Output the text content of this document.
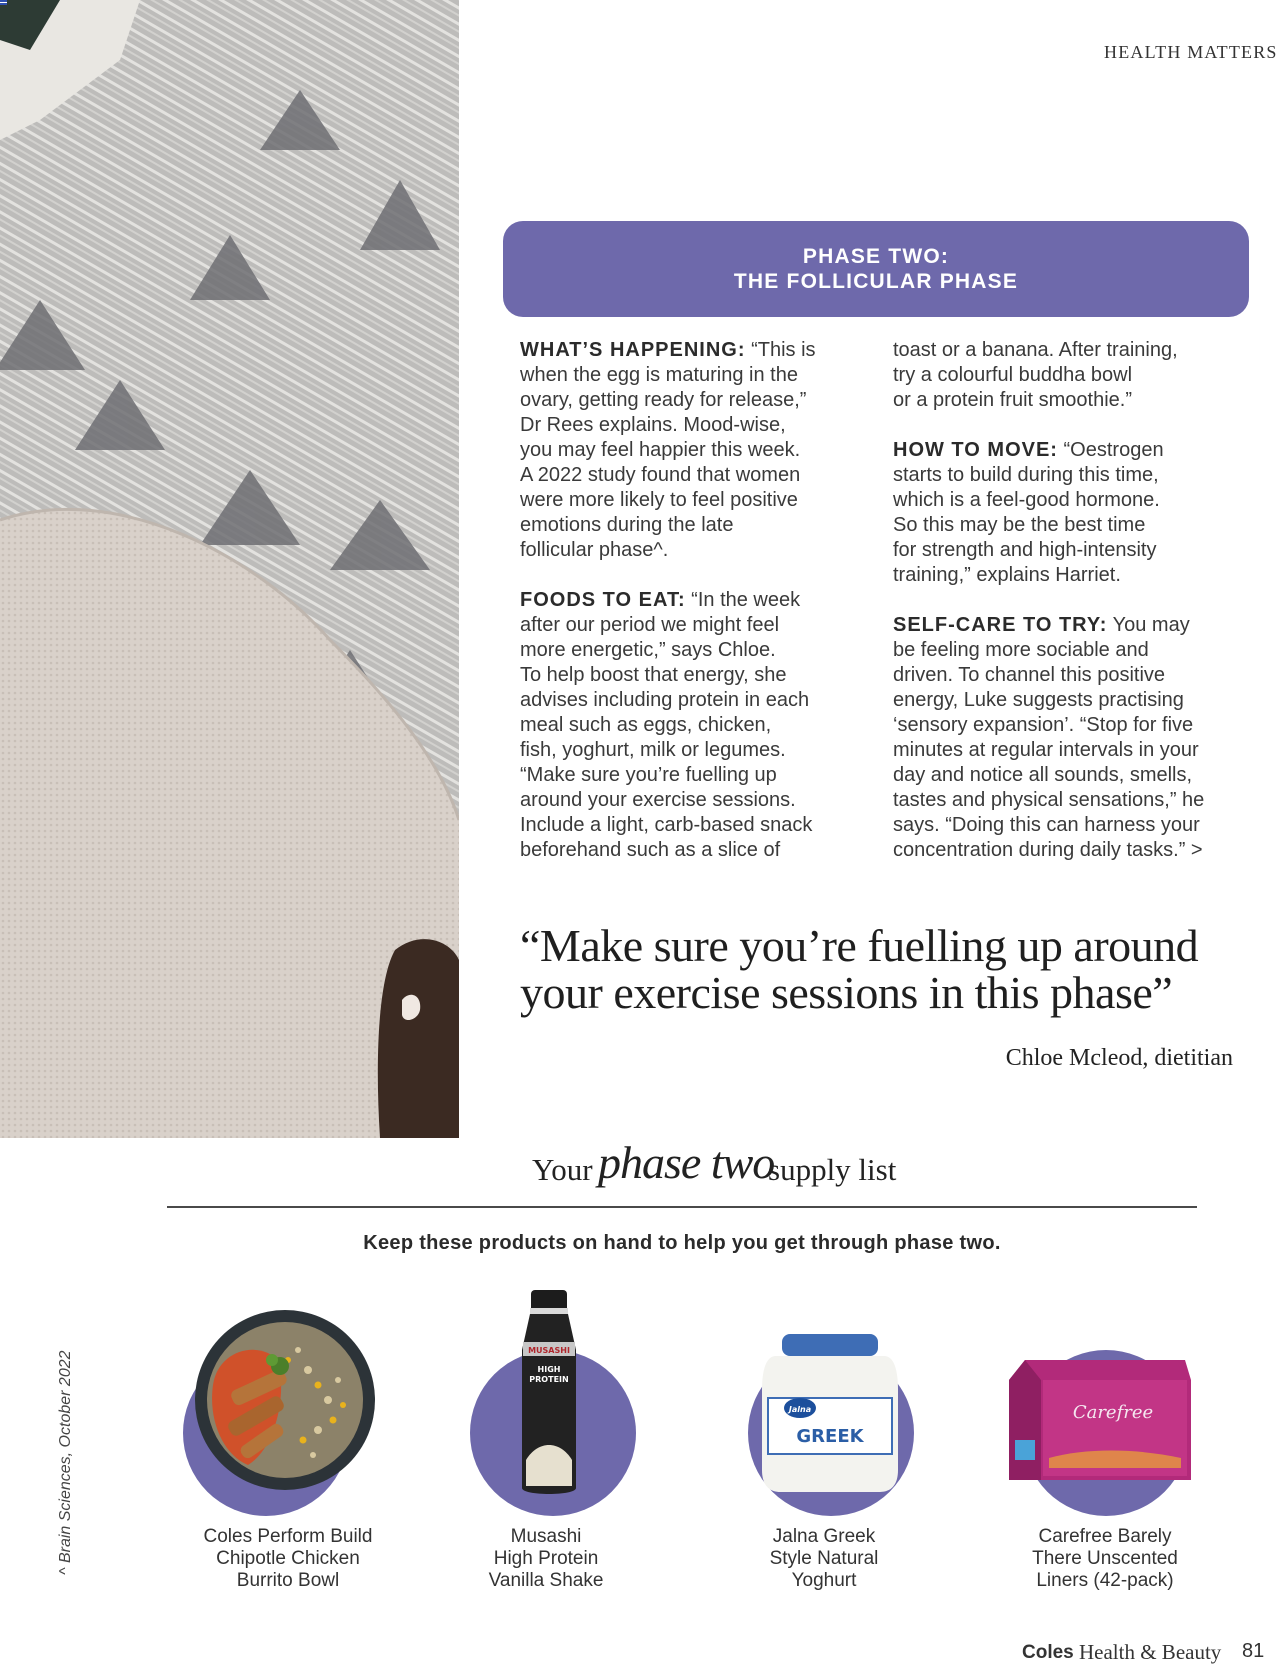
HEALTH MATTERS
PHASE TWO:
THE FOLLICULAR PHASE

WHAT’S HAPPENING: “This is
when the egg is maturing in the
ovary, getting ready for release,”
Dr Rees explains. Mood-wise,
you may feel happier this week.
A 2022 study found that women
were more likely to feel positive
emotions during the late
follicular phase^.

FOODS TO EAT: “In the week
after our period we might feel
more energetic,” says Chloe.
To help boost that energy, she
advises including protein in each
meal such as eggs, chicken,
fish, yoghurt, milk or legumes.
“Make sure you’re fuelling up
around your exercise sessions.
Include a light, carb-based snack
beforehand such as a slice of

toast or a banana. After training,
try a colourful buddha bowl
or a protein fruit smoothie.”

HOW TO MOVE: “Oestrogen
starts to build during this time,
which is a feel-good hormone.
So this may be the best time
for strength and high-intensity
training,” explains Harriet.

SELF-CARE TO TRY: You may
be feeling more sociable and
driven. To channel this positive
energy, Luke suggests practising
‘sensory expansion’. “Stop for five
minutes at regular intervals in your
day and notice all sounds, smells,
tastes and physical sensations,” he
says. “Doing this can harness your
concentration during daily tasks.” >

“Make sure you’re fuelling up around
your exercise sessions in this phase”
Chloe Mcleod, dietitian
Your phase two
supply list
Keep these products on hand to help you get through phase two.
Coles Perform Build
Chipotle Chicken
Burrito Bowl
MUSASHI
HIGH
PROTEIN
Musashi
High Protein
Vanilla Shake
Jalna
GREEK
Jalna Greek
Style Natural
Yoghurt
Carefree
Carefree Barely
There Unscented
Liners (42-pack)
^ Brain Sciences, October 2022
Coles Health & Beauty 81
